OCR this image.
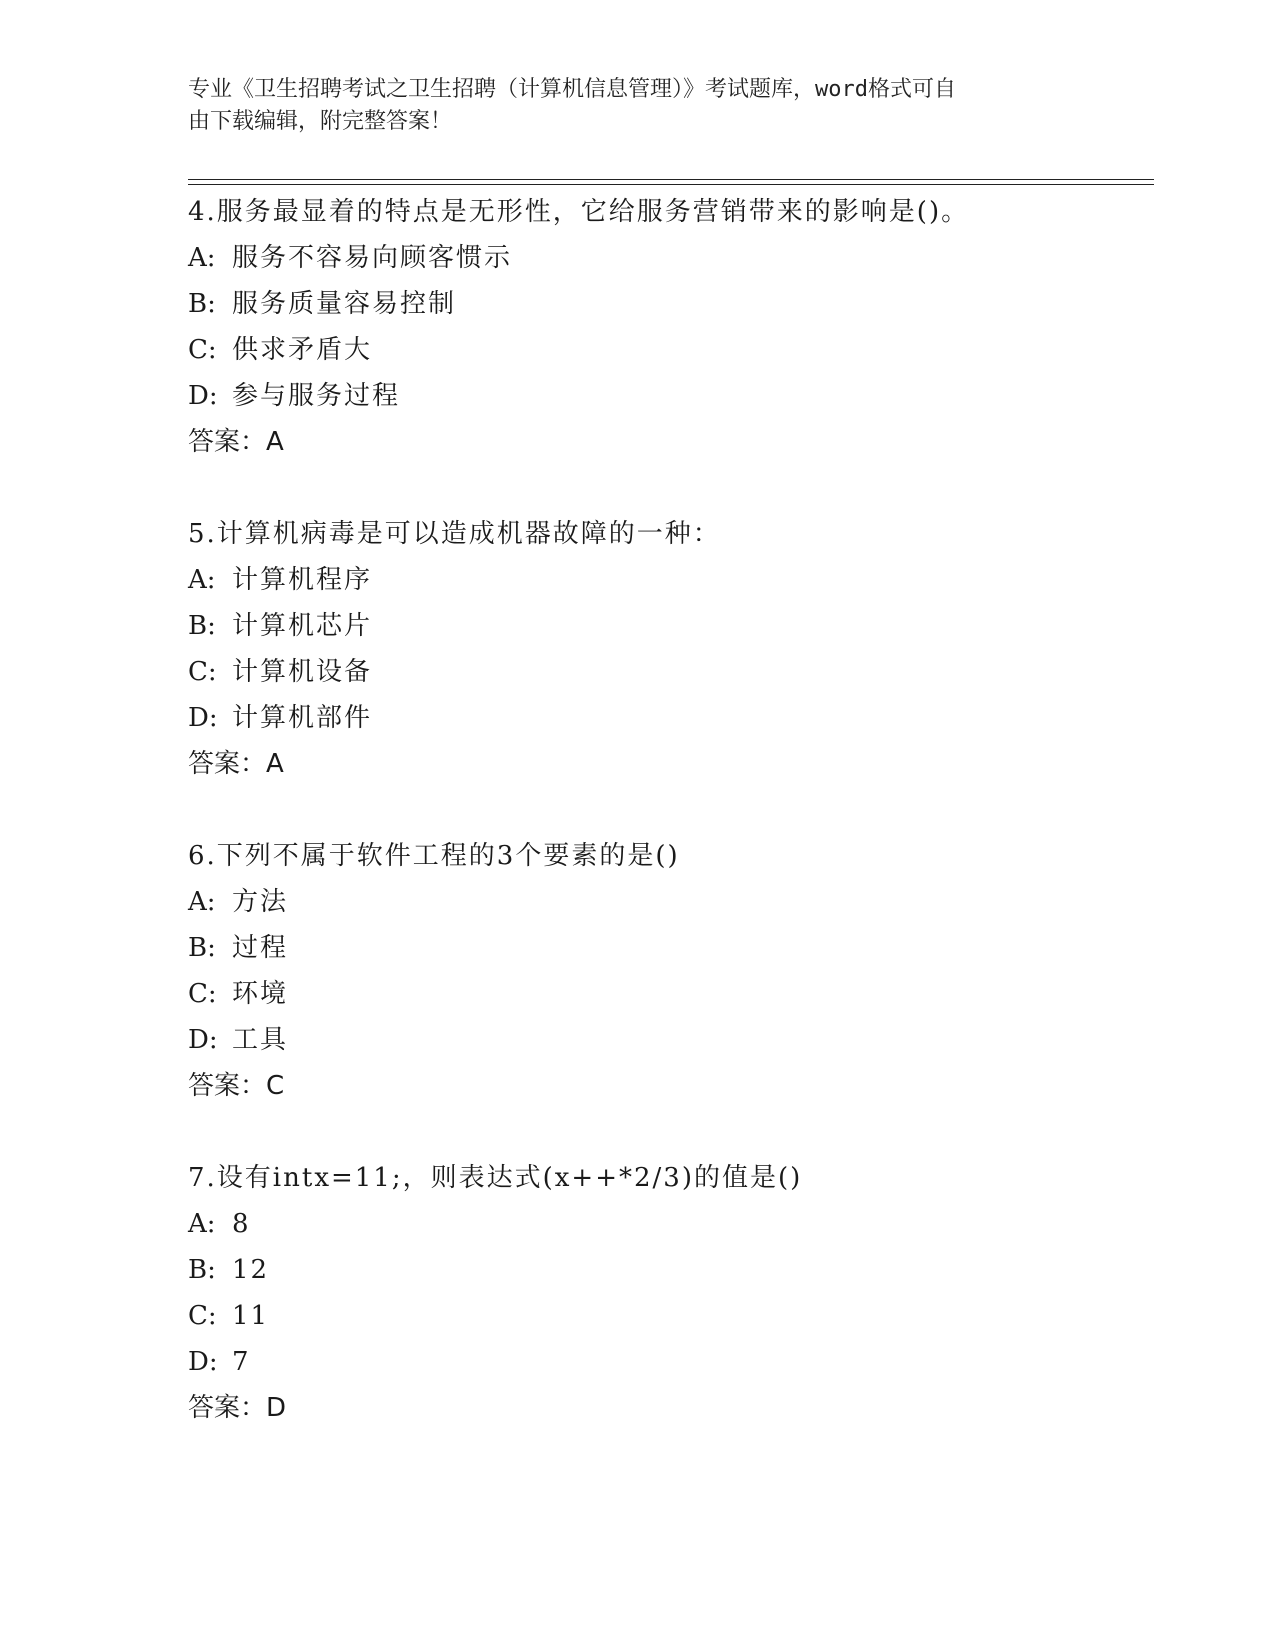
专业《卫生招聘考试之卫生招聘（计算机信息管理）》考试题库，word格式可自
由下载编辑，附完整答案！
4.服务最显着的特点是无形性，它给服务营销带来的影响是()。
A: 服务不容易向顾客惯示
B: 服务质量容易控制
C: 供求矛盾大
D: 参与服务过程
答案：A
5.计算机病毒是可以造成机器故障的一种：
A: 计算机程序
B: 计算机芯片
C: 计算机设备
D: 计算机部件
答案：A
6.下列不属于软件工程的3个要素的是()
A: 方法
B: 过程
C: 环境
D: 工具
答案：C
7.设有intx=11;，则表达式(x++*2/3)的值是()
A: 8
B: 12
C: 11
D: 7
答案：D
